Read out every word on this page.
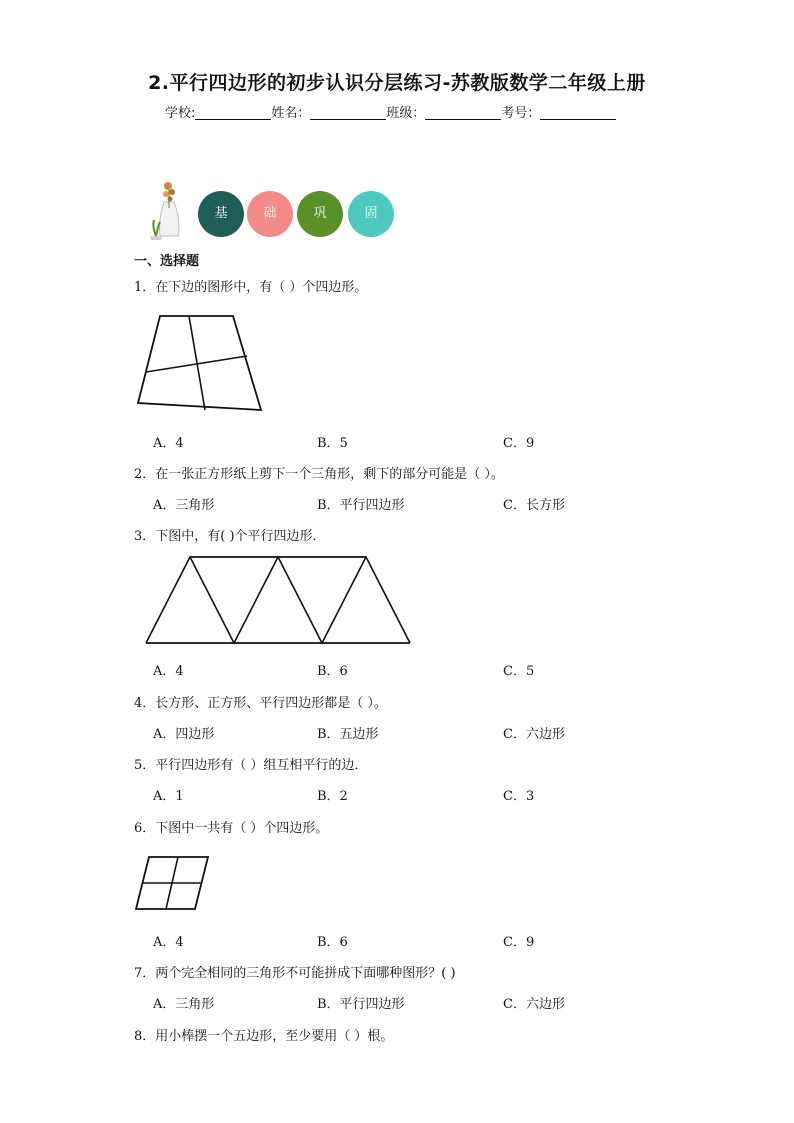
2.平行四边形的初步认识分层练习-苏教版数学二年级上册
学校:	姓名：	班级：	考号：
基	础	巩	固
一、选择题
1．在下边的图形中，有（ ）个四边形。
A．4	B．5	C．9
2．在一张正方形纸上剪下一个三角形，剩下的部分可能是（ ）。
A．三角形	B．平行四边形	C．长方形
3．下图中，有( )个平行四边形．
A．4	B．6	C．5
4．长方形、正方形、平行四边形都是（ ）。
A．四边形	B．五边形	C．六边形
5．平行四边形有（ ）组互相平行的边．
A．1	B．2	C．3
6．下图中一共有（ ）个四边形。
A．4	B．6	C．9
7．两个完全相同的三角形不可能拼成下面哪种图形？( )
A．三角形	B．平行四边形	C．六边形
8．用小棒摆一个五边形，至少要用（ ）根。
